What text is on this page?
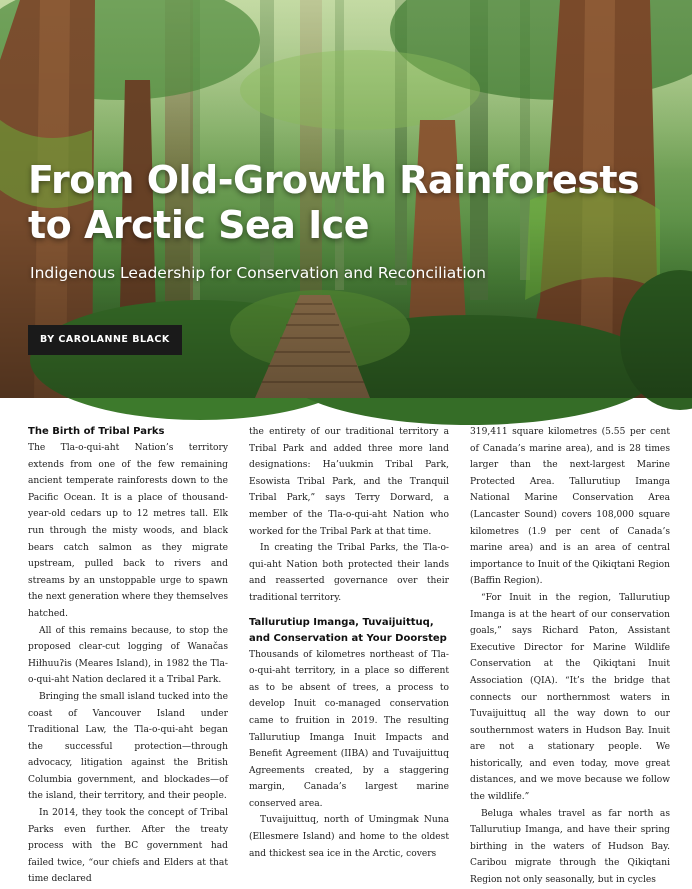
From Old-Growth Rainforests
to Arctic Sea Ice

Indigenous Leadership for Conservation and Reconciliation

BY CAROLANNE BLACK
The Birth of Tribal Parks

The Tla-o-qui-aht Nation’s territory extends from one of the few remaining ancient temperate rainforests down to the Pacific Ocean. It is a place of thousand-year-old cedars up to 12 metres tall. Elk run through the misty woods, and black bears catch salmon as they migrate upstream, pulled back to rivers and streams by an unstoppable urge to spawn the next generation where they themselves hatched.

All of this remains because, to stop the proposed clear-cut logging of Wanačas Hiłhuuʔis (Meares Island), in 1982 the Tla-o-qui-aht Nation declared it a Tribal Park.

Bringing the small island tucked into the coast of Vancouver Island under Traditional Law, the Tla-o-qui-aht began the successful protection—through advocacy, litigation against the British Columbia government, and blockades—of the island, their territory, and their people.

In 2014, they took the concept of Tribal Parks even further. After the treaty process with the BC government had failed twice, “our chiefs and Elders at that time declared

the entirety of our traditional territory a Tribal Park and added three more land designations: Ha’uukmin Tribal Park, Esowista Tribal Park, and the Tranquil Tribal Park,” says Terry Dorward, a member of the Tla-o-qui-aht Nation who worked for the Tribal Park at that time.

In creating the Tribal Parks, the Tla-o-qui-aht Nation both protected their lands and reasserted governance over their traditional territory.

Tallurutiup Imanga, Tuvaijuittuq, and Conservation at Your Doorstep

Thousands of kilometres northeast of Tla-o-qui-aht territory, in a place so different as to be absent of trees, a process to develop Inuit co-managed conservation came to fruition in 2019. The resulting Tallurutiup Imanga Inuit Impacts and Benefit Agreement (IIBA) and Tuvaijuittuq Agreements created, by a staggering margin, Canada’s largest marine conserved area.

Tuvaijuittuq, north of Umingmak Nuna (Ellesmere Island) and home to the oldest and thickest sea ice in the Arctic, covers

319,411 square kilometres (5.55 per cent of Canada’s marine area), and is 28 times larger than the next-largest Marine Protected Area. Tallurutiup Imanga National Marine Conservation Area (Lancaster Sound) covers 108,000 square kilometres (1.9 per cent of Canada’s marine area) and is an area of central importance to Inuit of the Qikiqtani Region (Baffin Region).

“For Inuit in the region, Tallurutiup Imanga is at the heart of our conservation goals,” says Richard Paton, Assistant Executive Director for Marine Wildlife Conservation at the Qikiqtani Inuit Association (QIA). “It’s the bridge that connects our northernmost waters in Tuvaijuittuq all the way down to our southernmost waters in Hudson Bay. Inuit are not a stationary people. We historically, and even today, move great distances, and we move because we follow the wildlife.”

Beluga whales travel as far north as Tallurutiup Imanga, and have their spring birthing in the waters of Hudson Bay. Caribou migrate through the Qikiqtani Region not only seasonally, but in cycles
